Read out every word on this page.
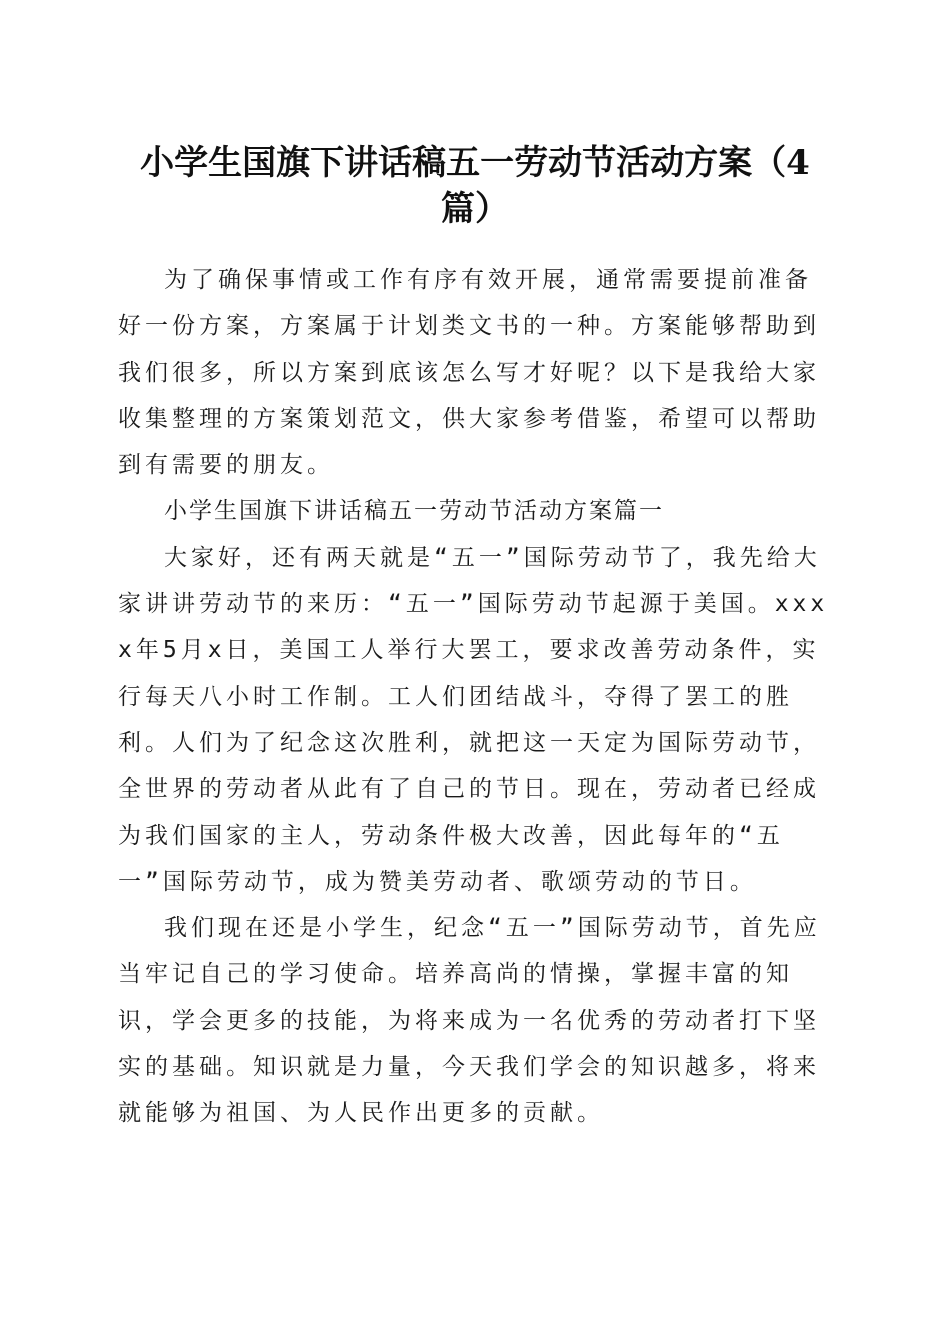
小学生国旗下讲话稿五一劳动节活动方案（4篇）

为了确保事情或工作有序有效开展，通常需要提前准备好一份方案，方案属于计划类文书的一种。方案能够帮助到我们很多，所以方案到底该怎么写才好呢？以下是我给大家收集整理的方案策划范文，供大家参考借鉴，希望可以帮助到有需要的朋友。

小学生国旗下讲话稿五一劳动节活动方案篇一

大家好，还有两天就是“五一”国际劳动节了，我先给大家讲讲劳动节的来历：“五一”国际劳动节起源于美国。xxxx年5月x日，美国工人举行大罢工，要求改善劳动条件，实行每天八小时工作制。工人们团结战斗，夺得了罢工的胜利。人们为了纪念这次胜利，就把这一天定为国际劳动节，全世界的劳动者从此有了自己的节日。现在，劳动者已经成为我们国家的主人，劳动条件极大改善，因此每年的“五一”国际劳动节，成为赞美劳动者、歌颂劳动的节日。

我们现在还是小学生，纪念“五一”国际劳动节，首先应当牢记自己的学习使命。培养高尚的情操，掌握丰富的知识，学会更多的技能，为将来成为一名优秀的劳动者打下坚实的基础。知识就是力量，今天我们学会的知识越多，将来就能够为祖国、为人民作出更多的贡献。
